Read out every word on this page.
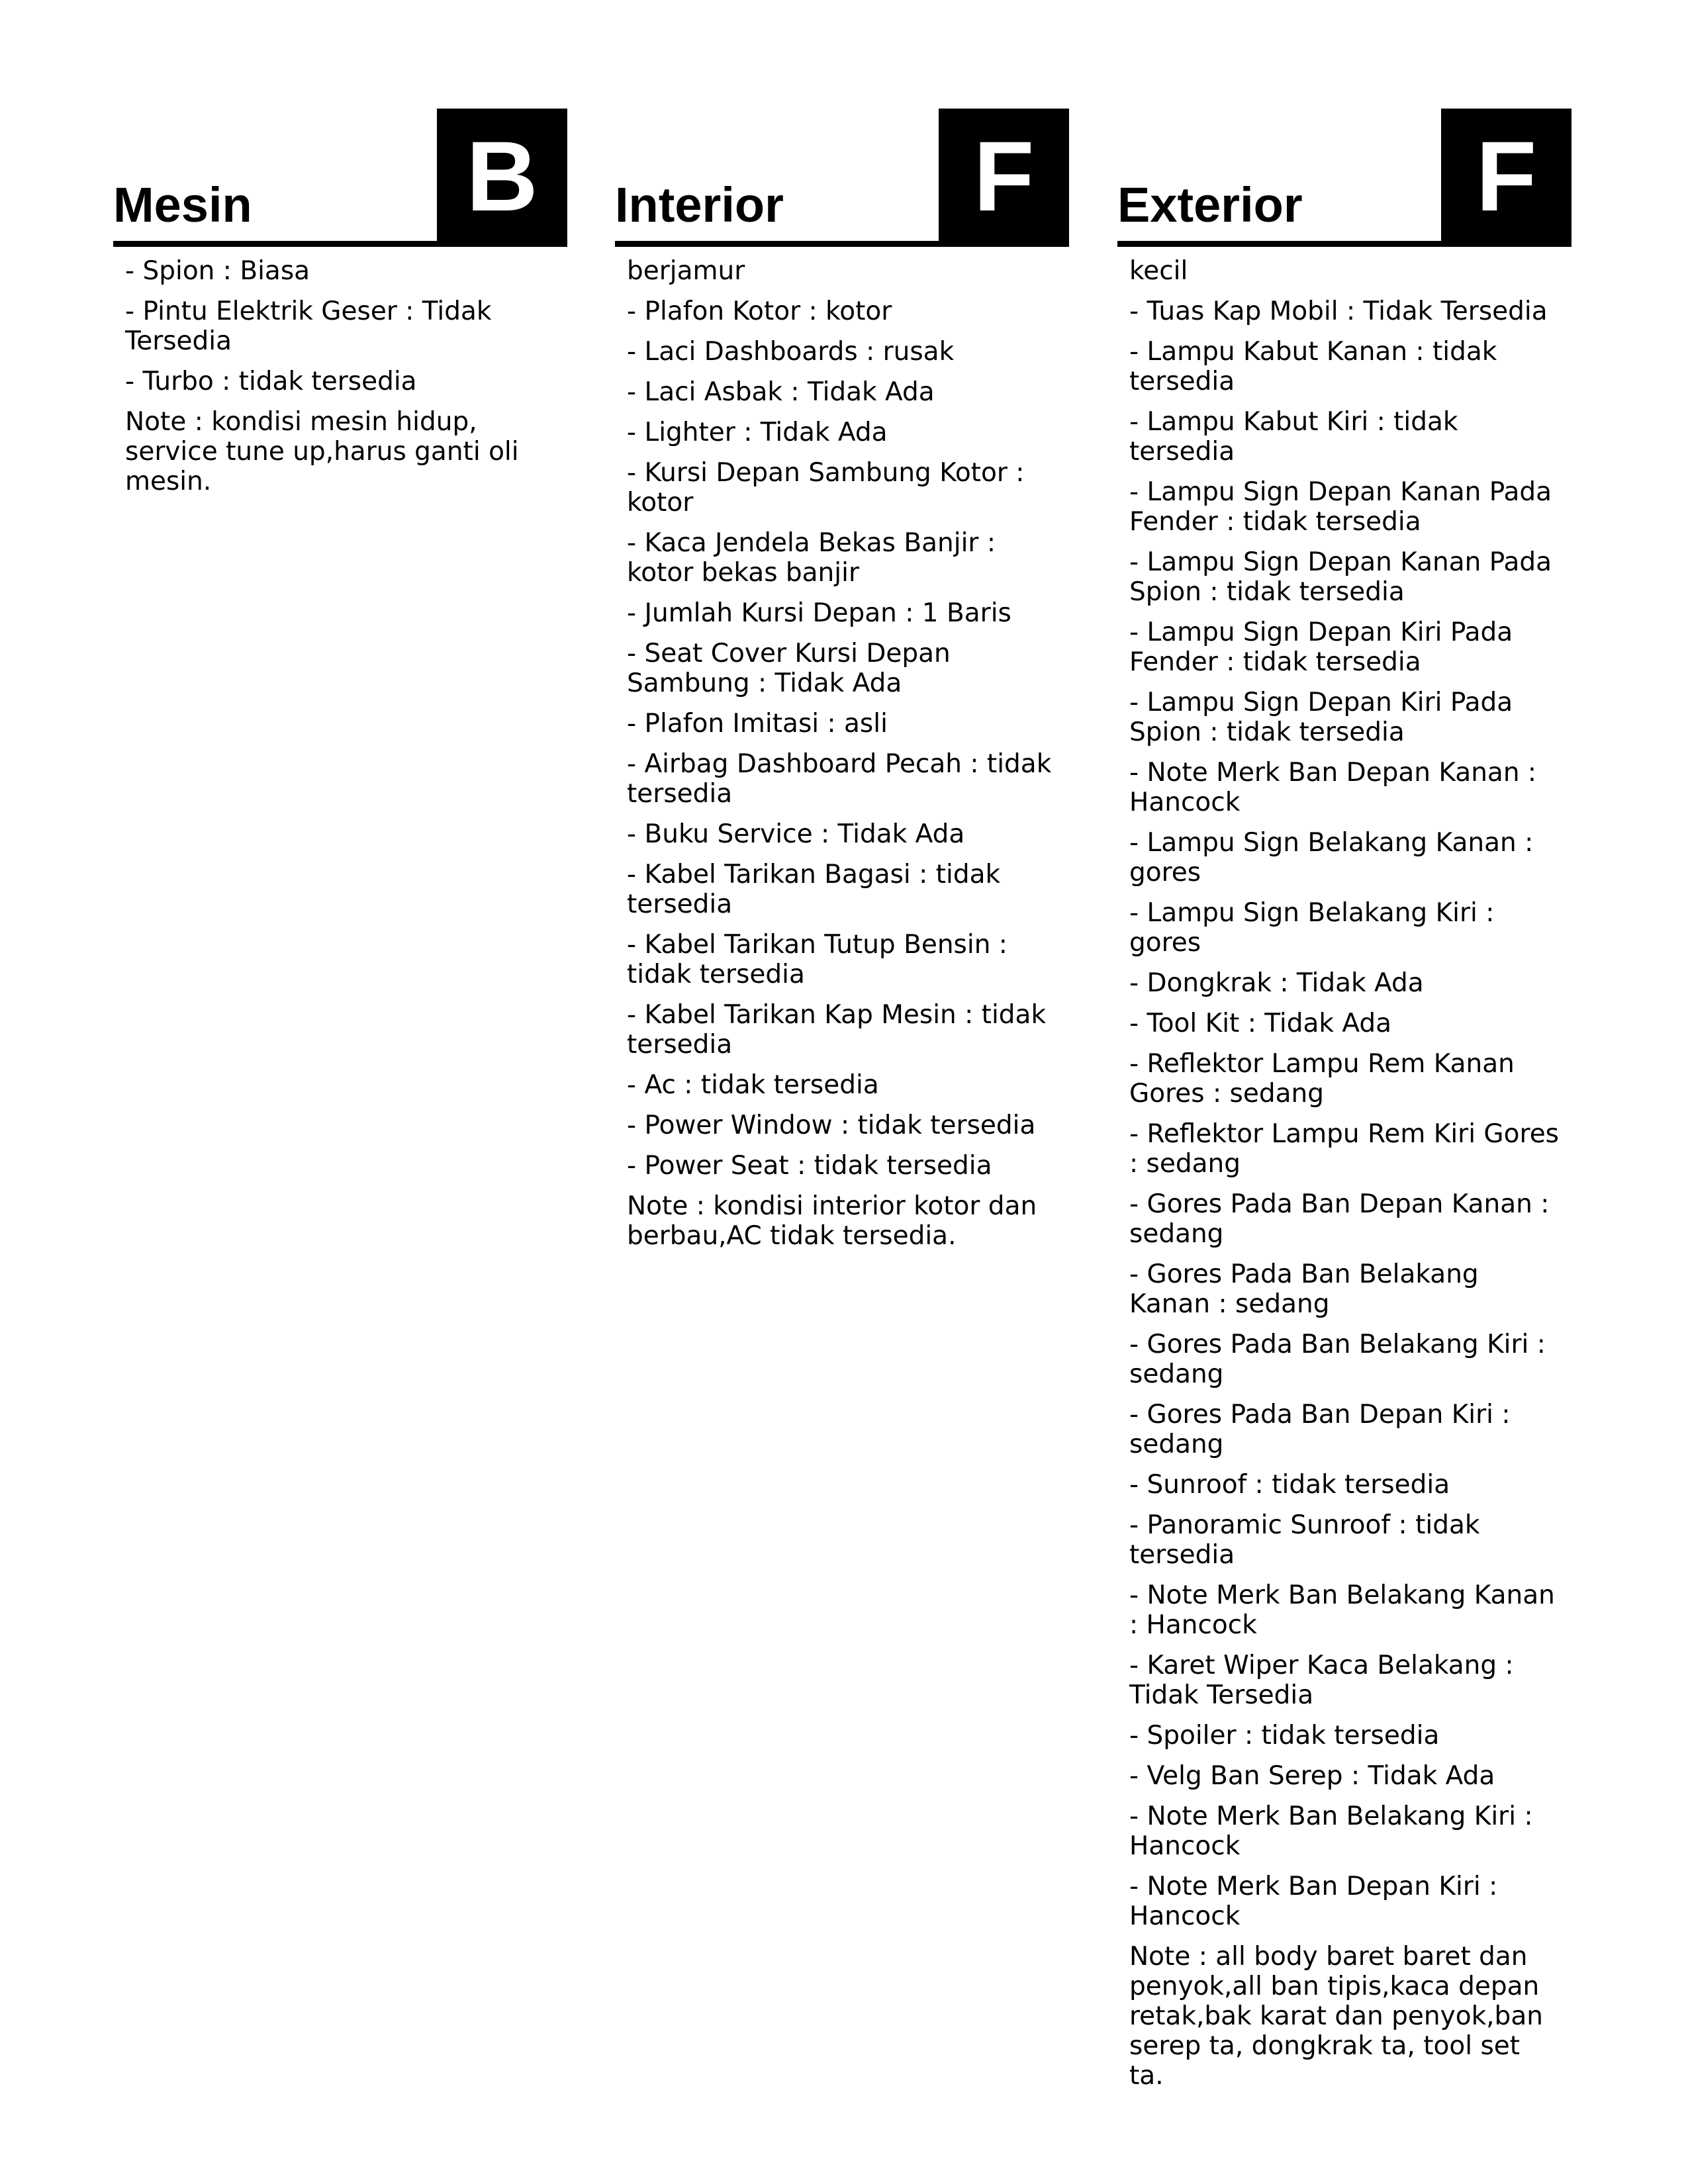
Mesin B
- Spion : Biasa
- Pintu Elektrik Geser : Tidak Tersedia
- Turbo : tidak tersedia
Note : kondisi mesin hidup, service tune up,harus ganti oli mesin.
Interior	F
berjamur
- Plafon Kotor : kotor
- Laci Dashboards : rusak
- Laci Asbak : Tidak Ada
- Lighter : Tidak Ada
- Kursi Depan Sambung Kotor : kotor
- Kaca Jendela Bekas Banjir : kotor bekas banjir
- Jumlah Kursi Depan : 1 Baris
- Seat Cover Kursi Depan Sambung : Tidak Ada
- Plafon Imitasi : asli
- Airbag Dashboard Pecah : tidak tersedia
- Buku Service : Tidak Ada
- Kabel Tarikan Bagasi : tidak tersedia
- Kabel Tarikan Tutup Bensin : tidak tersedia
- Kabel Tarikan Kap Mesin : tidak tersedia
- Ac : tidak tersedia
- Power Window : tidak tersedia
- Power Seat : tidak tersedia
Note : kondisi interior kotor dan berbau,AC tidak tersedia.
Exterior	F
kecil
- Tuas Kap Mobil : Tidak Tersedia
- Lampu Kabut Kanan : tidak tersedia
- Lampu Kabut Kiri : tidak tersedia
- Lampu Sign Depan Kanan Pada Fender : tidak tersedia
- Lampu Sign Depan Kanan Pada Spion : tidak tersedia
- Lampu Sign Depan Kiri Pada Fender : tidak tersedia
- Lampu Sign Depan Kiri Pada Spion : tidak tersedia
- Note Merk Ban Depan Kanan : Hancock
- Lampu Sign Belakang Kanan : gores
- Lampu Sign Belakang Kiri : gores
- Dongkrak : Tidak Ada
- Tool Kit : Tidak Ada
- Reflektor Lampu Rem Kanan Gores : sedang
- Reflektor Lampu Rem Kiri Gores : sedang
- Gores Pada Ban Depan Kanan : sedang
- Gores Pada Ban Belakang Kanan : sedang
- Gores Pada Ban Belakang Kiri : sedang
- Gores Pada Ban Depan Kiri : sedang
- Sunroof : tidak tersedia
- Panoramic Sunroof : tidak tersedia
- Note Merk Ban Belakang Kanan : Hancock
- Karet Wiper Kaca Belakang : Tidak Tersedia
- Spoiler : tidak tersedia
- Velg Ban Serep : Tidak Ada
- Note Merk Ban Belakang Kiri : Hancock
- Note Merk Ban Depan Kiri : Hancock
Note : all body baret baret dan penyok,all ban tipis,kaca depan retak,bak karat dan penyok,ban serep ta, dongkrak ta, tool set ta.
